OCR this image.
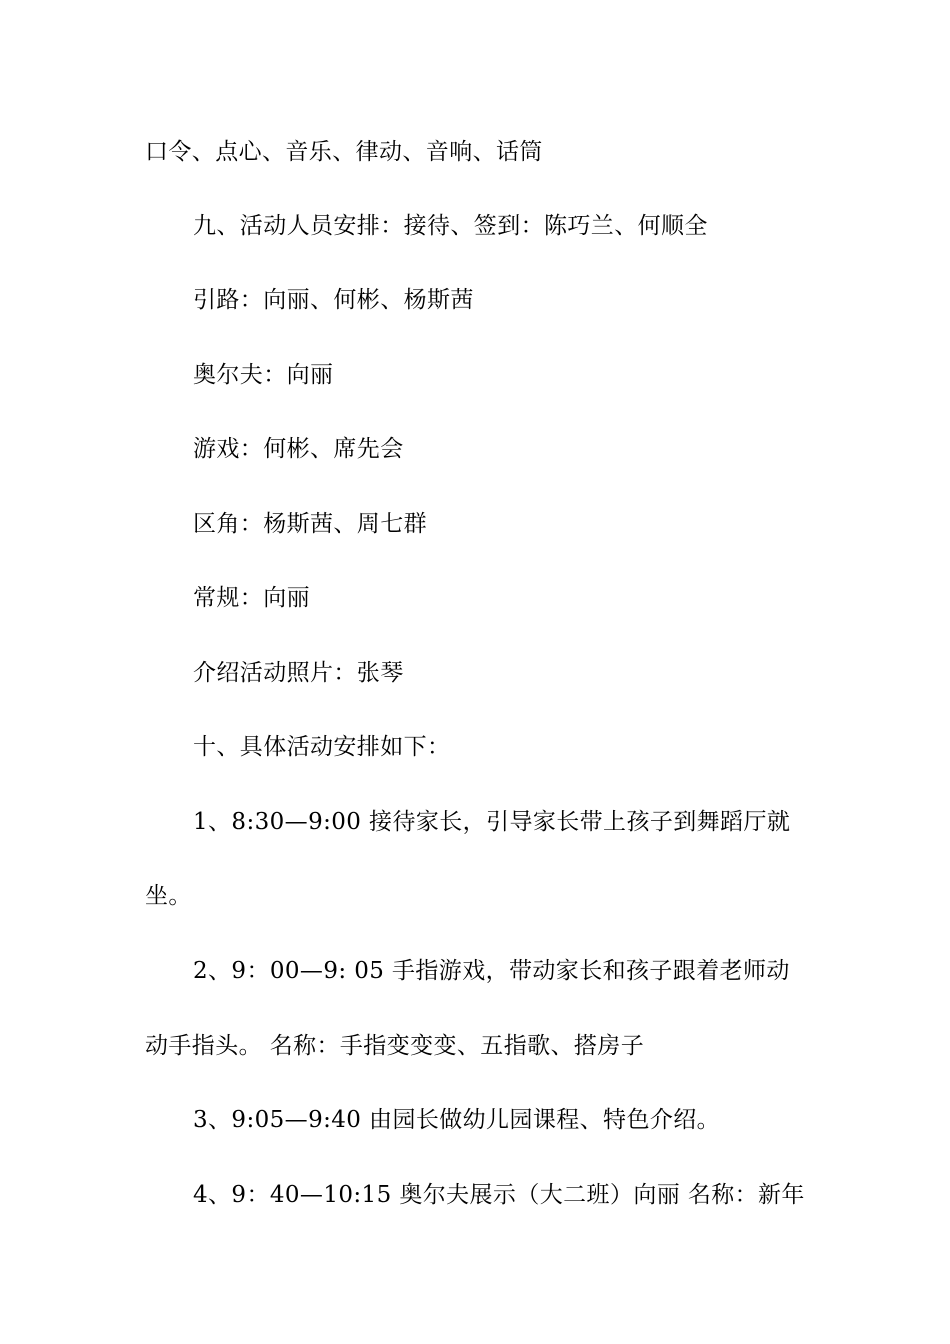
口令、点心、音乐、律动、音响、话筒
九、活动人员安排：接待、签到：陈巧兰、何顺全
引路：向丽、何彬、杨斯茜
奥尔夫：向丽
游戏：何彬、席先会
区角：杨斯茜、周七群
常规：向丽
介绍活动照片：张琴
十、具体活动安排如下：
1、8:30—9:00 接待家长，引导家长带上孩子到舞蹈厅就
坐。
2、9：00—9: 05 手指游戏，带动家长和孩子跟着老师动
动手指头。 名称：手指变变变、五指歌、搭房子
3、9:05—9:40 由园长做幼儿园课程、特色介绍。
4、9：40—10:15 奥尔夫展示（大二班）向丽 名称：新年
